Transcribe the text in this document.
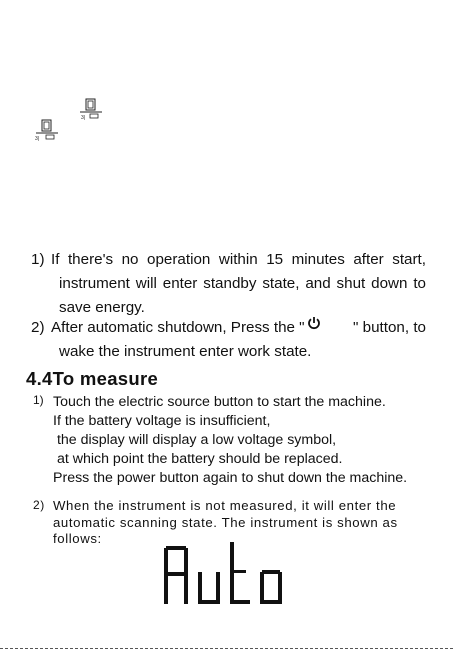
3|
3|
1) If there's no operation within 15 minutes after start,
instrument will enter standby state, and shut down to
save energy.
2) After automatic shutdown, Press the "	" button, to
wake the instrument enter work state.
4.4To measure
1) Touch the electric source button to start the machine.
If the battery voltage is insufficient,
the display will display a low voltage symbol,
at which point the battery should be replaced.
Press the power button again to shut down the machine.
2) When the instrument is not measured, it will enter the
automatic scanning state. The instrument is shown as
follows:
